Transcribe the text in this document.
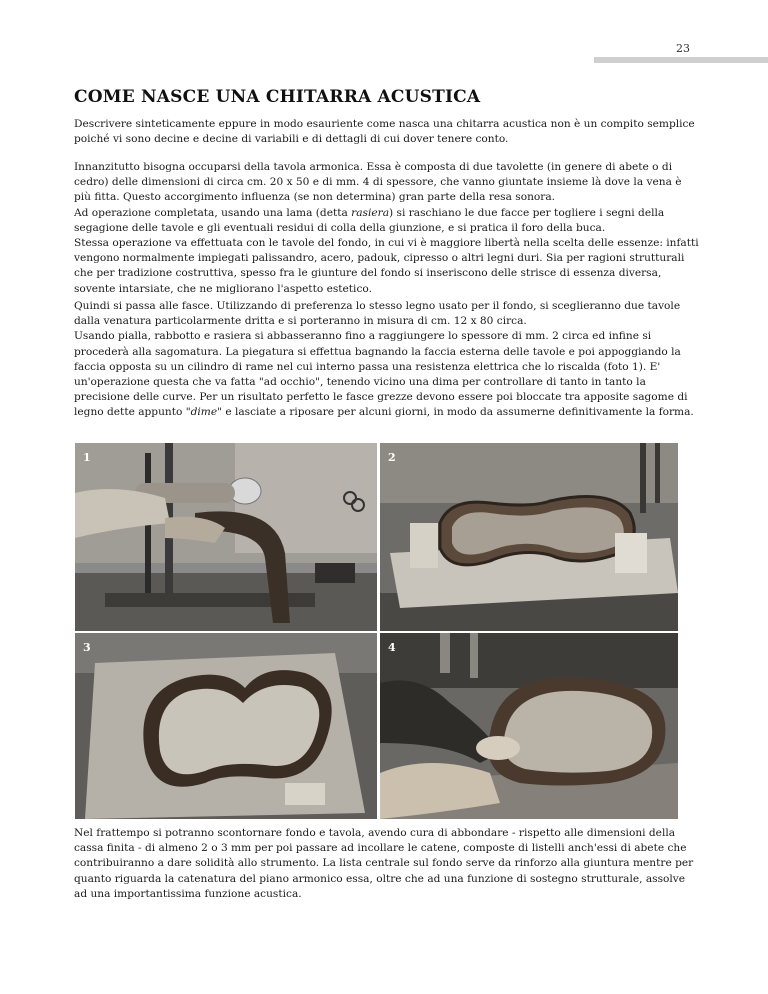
23
COME NASCE UNA CHITARRA ACUSTICA

Descrivere sinteticamente eppure in modo esauriente come nasca una chitarra acustica non è un compito semplice poiché vi sono decine e decine di variabili e di dettagli di cui dover tenere conto.

Innanzitutto bisogna occuparsi della tavola armonica. Essa è composta di due tavolette (in genere di abete o di cedro) delle dimensioni di circa cm. 20 x 50 e di mm. 4 di spessore, che vanno giuntate insieme là dove la vena è più fitta. Questo accorgimento influenza (se non determina) gran parte della resa sonora.

Ad operazione completata, usando una lama (detta rasiera) si raschiano le due facce per togliere i segni della segagione delle tavole e gli eventuali residui di colla della giunzione, e si pratica il foro della buca.

Stessa operazione va effettuata con le tavole del fondo, in cui vi è maggiore libertà nella scelta delle essenze: infatti vengono normalmente impiegati palissandro, acero, padouk, cipresso o altri legni duri. Sia per ragioni strutturali che per tradizione costruttiva, spesso fra le giunture del fondo si inseriscono delle strisce di essenza diversa, sovente intarsiate, che ne migliorano l'aspetto estetico.

Quindi si passa alle fasce. Utilizzando di preferenza lo stesso legno usato per il fondo, si sceglieranno due tavole dalla venatura particolarmente dritta e si porteranno in misura di cm. 12 x 80 circa.

Usando pialla, rabbotto e rasiera si abbasseranno fino a raggiungere lo spessore di mm. 2 circa ed infine si procederà alla sagomatura. La piegatura si effettua bagnando la faccia esterna delle tavole e poi appoggiando la faccia opposta su un cilindro di rame nel cui interno passa una resistenza elettrica che lo riscalda (foto 1). E' un'operazione questa che va fatta "ad occhio", tenendo vicino una dima per controllare di tanto in tanto la precisione delle curve. Per un risultato perfetto le fasce grezze devono essere poi bloccate tra apposite sagome di legno dette appunto "dime" e lasciate a riposare per alcuni giorni, in modo da assumerne definitivamente la forma.

1	2
3	4

Nel frattempo si potranno scontornare fondo e tavola, avendo cura di abbondare - rispetto alle dimensioni della cassa finita - di almeno 2 o 3 mm per poi passare ad incollare le catene, composte di listelli anch'essi di abete che contribuiranno a dare solidità allo strumento. La lista centrale sul fondo serve da rinforzo alla giuntura mentre per quanto riguarda la catenatura del piano armonico essa, oltre che ad una funzione di sostegno strutturale, assolve ad una importantissima funzione acustica.
